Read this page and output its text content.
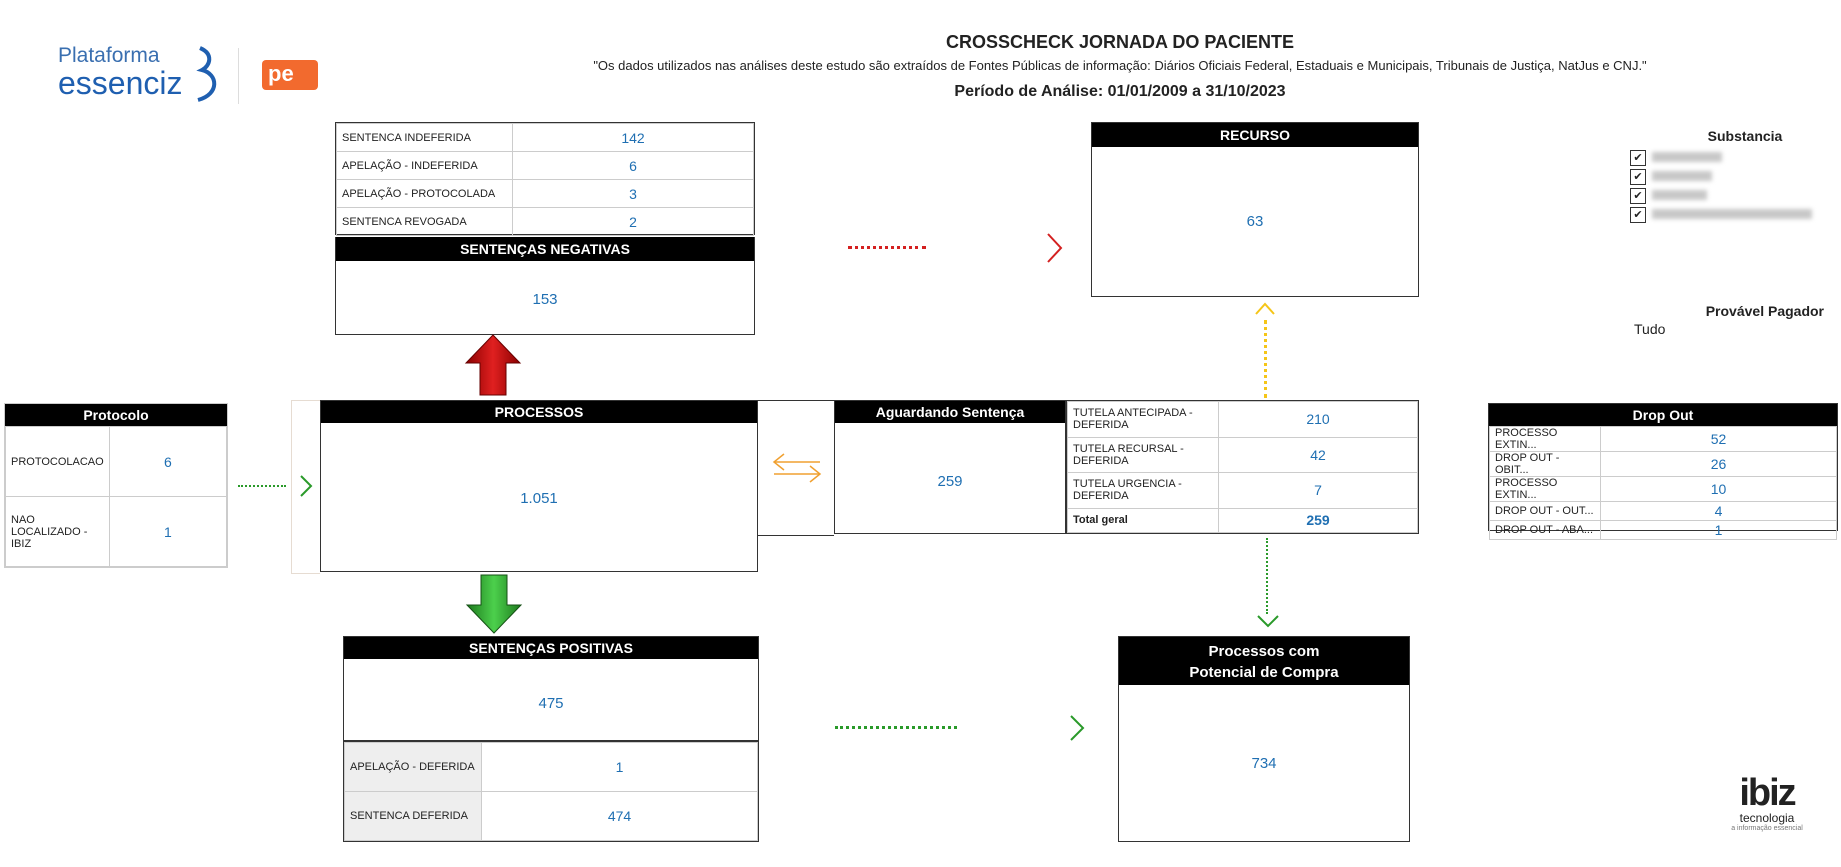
Plataforma
essenciz	pe
CROSSCHECK JORNADA DO PACIENTE
"Os dados utilizados nas análises deste estudo são extraídos de Fontes Públicas de informação: Diários Oficiais Federal, Estaduais e Municipais, Tribunais de Justiça, NatJus e CNJ."
Período de Análise: 01/01/2009 a 31/10/2023
SENTENCA INDEFERIDA	142
APELAÇÃO - INDEFERIDA	6
APELAÇÃO - PROTOCOLADA	3
SENTENCA REVOGADA	2
SENTENÇAS NEGATIVAS
153
RECURSO
63
Substancia
✔
✔
✔
✔
Provável Pagador
Tudo
Protocolo
PROTOCOLACAO	6
NAO LOCALIZADO - IBIZ	1
PROCESSOS
1.051
Aguardando Sentença
259
TUTELA ANTECIPADA - DEFERIDA	210
TUTELA RECURSAL - DEFERIDA	42
TUTELA URGENCIA - DEFERIDA	7
Total geral	259
Drop Out
PROCESSO EXTIN...	52
DROP OUT - OBIT...	26
PROCESSO EXTIN...	10
DROP OUT - OUT...	4
DROP OUT - ABA...	1
SENTENÇAS POSITIVAS
475
APELAÇÃO - DEFERIDA	1
SENTENCA DEFERIDA	474
Processos com
Potencial de Compra
734
ibiz
tecnologia
a informação essencial
